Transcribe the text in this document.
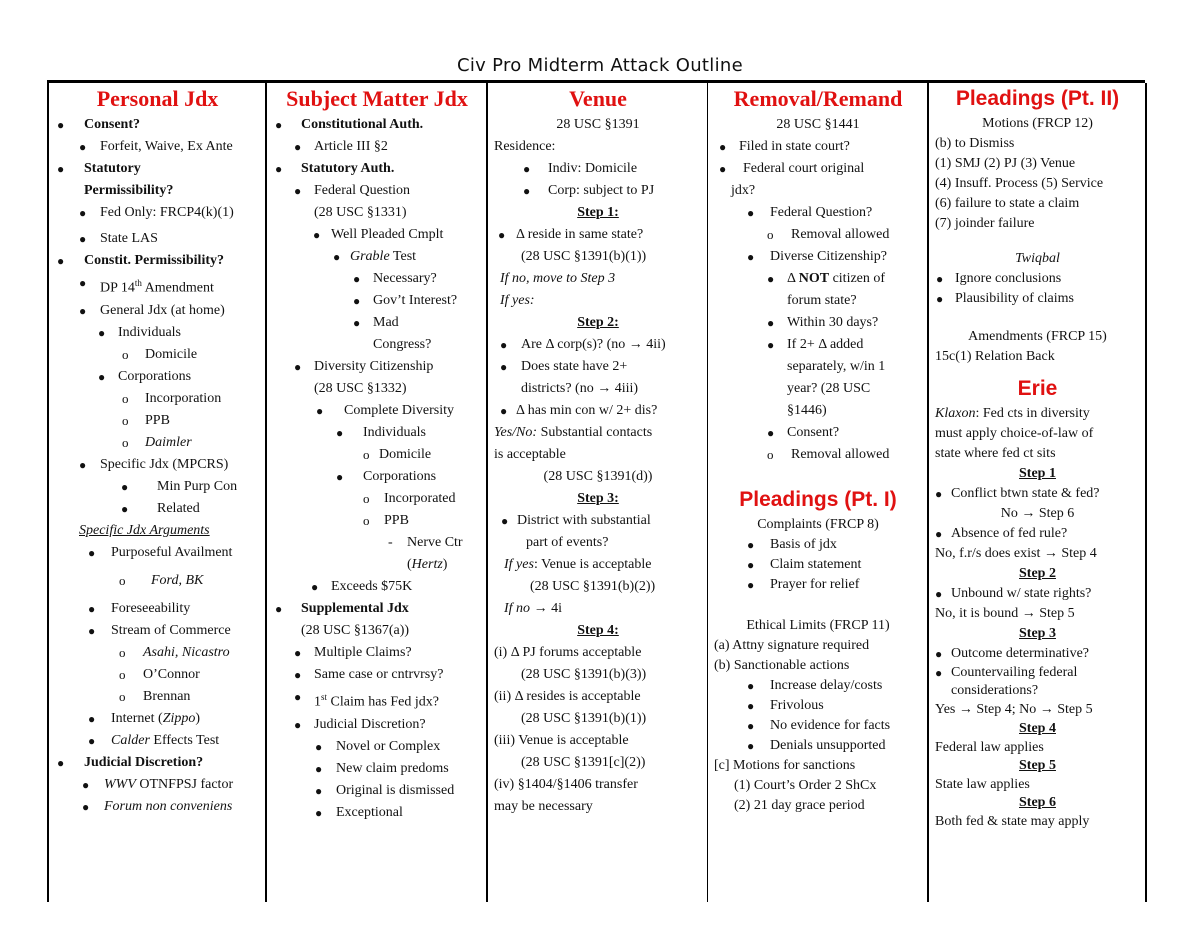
Civ Pro Midterm Attack Outline
Personal Jdx
● Consent?
● Forfeit, Waive, Ex Ante
● Statutory
Permissibility?
● Fed Only: FRCP4(k)(1)
● State LAS
● Constit. Permissibility?
● DP 14th Amendment
● General Jdx (at home)
● Individuals
o Domicile
● Corporations
o Incorporation
o PPB
o Daimler
● Specific Jdx (MPCRS)
● Min Purp Con
● Related
Specific Jdx Arguments
● Purposeful Availment
o Ford, BK
● Foreseeability
● Stream of Commerce
o Asahi, Nicastro
o O’Connor
o Brennan
● Internet (Zippo)
● Calder Effects Test
● Judicial Discretion?
● WWV OTNFPSJ factor
● Forum non conveniens
Subject Matter Jdx
● Constitutional Auth.
● Article III §2
● Statutory Auth.
● Federal Question
(28 USC §1331)
● Well Pleaded Cmplt
● Grable Test
● Necessary?
● Gov’t Interest?
● Mad
Congress?
● Diversity Citizenship
(28 USC §1332)
● Complete Diversity
● Individuals
o Domicile
● Corporations
o Incorporated
o PPB
- Nerve Ctr
(Hertz)
● Exceeds $75K
● Supplemental Jdx
(28 USC §1367(a))
● Multiple Claims?
● Same case or cntrvrsy?
● 1st Claim has Fed jdx?
● Judicial Discretion?
● Novel or Complex
● New claim predoms
● Original is dismissed
● Exceptional
Venue
28 USC §1391
Residence:
● Indiv: Domicile
● Corp: subject to PJ
Step 1:
● Δ reside in same state?
(28 USC §1391(b)(1))
If no, move to Step 3
If yes:
Step 2:
● Are Δ corp(s)? (no → 4ii)
● Does state have 2+
districts? (no → 4iii)
● Δ has min con w/ 2+ dis?
Yes/No: Substantial contacts
is acceptable
(28 USC §1391(d))
Step 3:
● District with substantial
part of events?
If yes: Venue is acceptable
(28 USC §1391(b)(2))
If no → 4i
Step 4:
(i) Δ PJ forums acceptable
(28 USC §1391(b)(3))
(ii) Δ resides is acceptable
(28 USC §1391(b)(1))
(iii) Venue is acceptable
(28 USC §1391[c](2))
(iv) §1404/§1406 transfer
may be necessary
Removal/Remand
28 USC §1441
● Filed in state court?
● Federal court original
jdx?
● Federal Question?
o Removal allowed
● Diverse Citizenship?
● Δ NOT citizen of
forum state?
● Within 30 days?
● If 2+ Δ added
separately, w/in 1
year? (28 USC
§1446)
● Consent?
o Removal allowed
Pleadings (Pt. I)
Complaints (FRCP 8)
● Basis of jdx
● Claim statement
● Prayer for relief
Ethical Limits (FRCP 11)
(a) Attny signature required
(b) Sanctionable actions
● Increase delay/costs
● Frivolous
● No evidence for facts
● Denials unsupported
[c] Motions for sanctions
(1) Court’s Order 2 ShCx
(2) 21 day grace period
Pleadings (Pt. II)
Motions (FRCP 12)
(b) to Dismiss
(1) SMJ (2) PJ (3) Venue
(4) Insuff. Process (5) Service
(6) failure to state a claim
(7) joinder failure
Twiqbal
● Ignore conclusions
● Plausibility of claims
Amendments (FRCP 15)
15c(1) Relation Back
Erie
Klaxon: Fed cts in diversity
must apply choice-of-law of
state where fed ct sits
Step 1
● Conflict btwn state & fed?
No → Step 6
● Absence of fed rule?
No, f.r/s does exist → Step 4
Step 2
● Unbound w/ state rights?
No, it is bound → Step 5
Step 3
● Outcome determinative?
● Countervailing federal
considerations?
Yes → Step 4; No → Step 5
Step 4
Federal law applies
Step 5
State law applies
Step 6
Both fed & state may apply
